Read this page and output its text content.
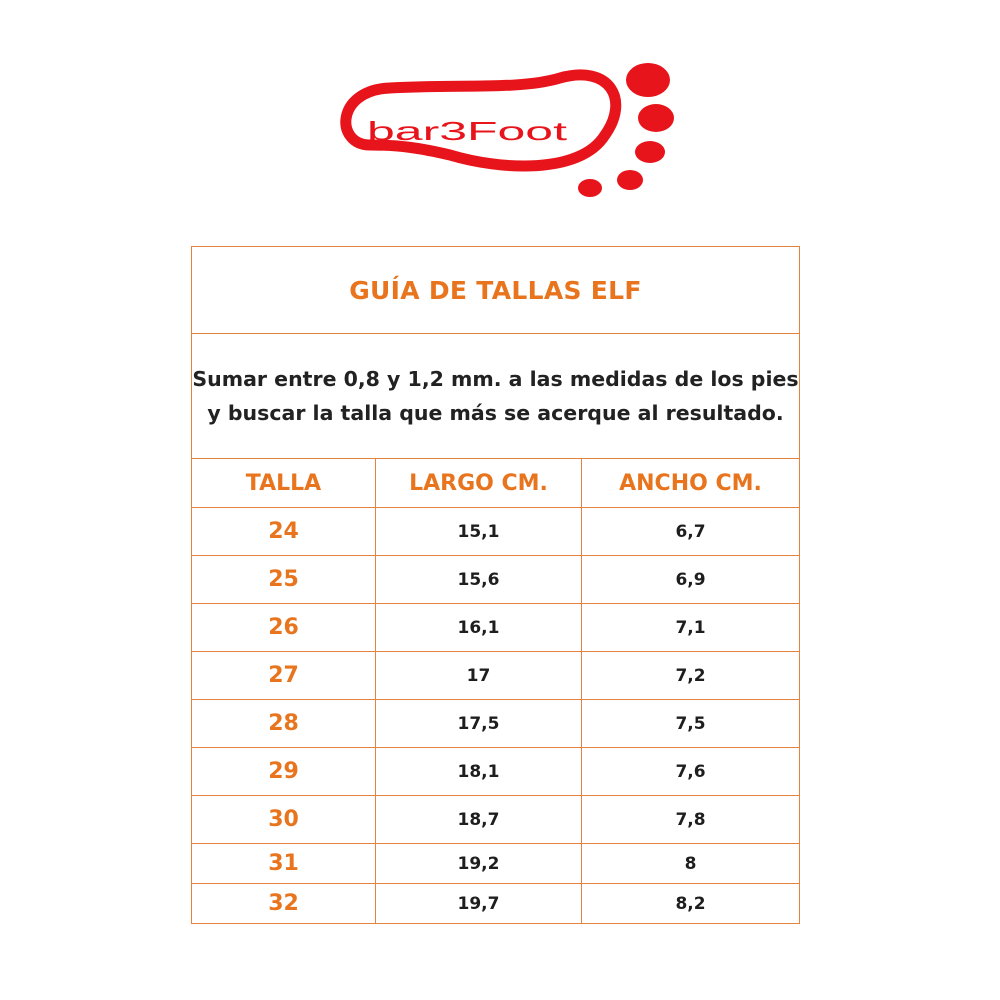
bar3Foot
GUÍA DE TALLAS ELF		

Sumar entre 0,8 y 1,2 mm. a las medidas de los pies
y buscar la talla que más se acerque al resultado.		

TALLA	LARGO CM.	ANCHO CM.
24	15,1	6,7
25	15,6	6,9
26	16,1	7,1
27	17	7,2
28	17,5	7,5
29	18,1	7,6
30	18,7	7,8
31	19,2	8
32	19,7	8,2
